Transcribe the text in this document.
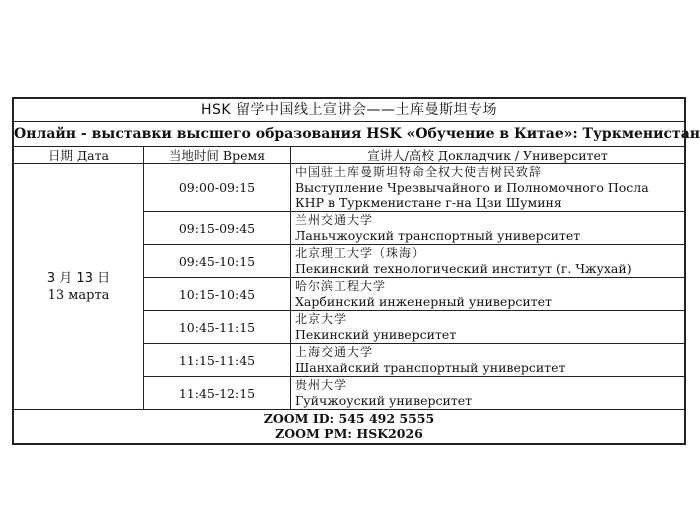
HSK 留学中国线上宣讲会——土库曼斯坦专场
Онлайн - выставки высшего образования HSK «Обучение в Китае»: Туркменистан
日期 Дата	当地时间 Время	宣讲人/高校 Докладчик / Университет
3 月 13 日
13 марта
09:00-09:15
中国驻土库曼斯坦特命全权大使吉树民致辞
Выступление Чрезвычайного и Полномочного Посла
КНР в Туркменистане г-на Цзи Шуминя
09:15-09:45
兰州交通大学
Ланьчжоуский транспортный университет
09:45-10:15
北京理工大学（珠海）
Пекинский технологический институт (г. Чжухай)
10:15-10:45
哈尔滨工程大学
Харбинский инженерный университет
10:45-11:15
北京大学
Пекинский университет
11:15-11:45
上海交通大学
Шанхайский транспортный университет
11:45-12:15
贵州大学
Гуйчжоуский университет
ZOOM ID: 545 492 5555
ZOOM PM: HSK2026
